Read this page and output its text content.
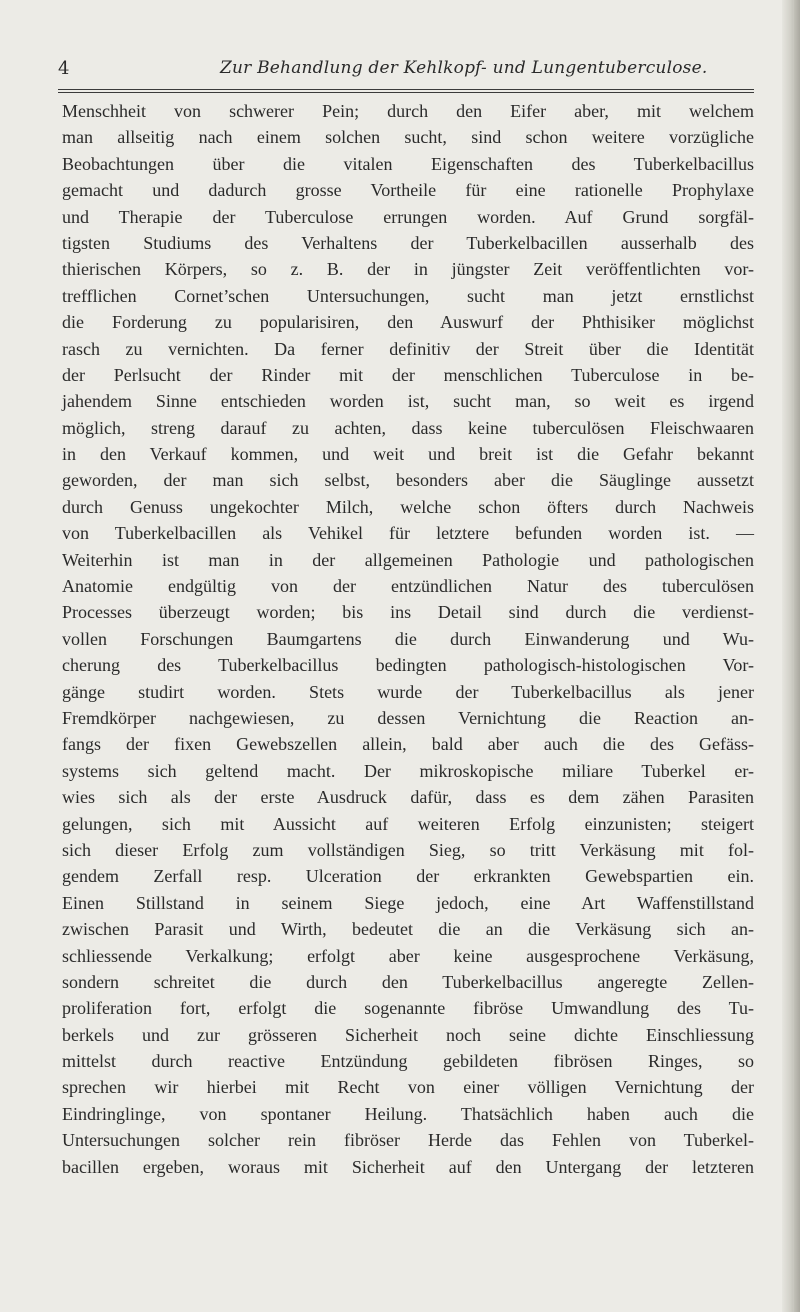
4	Zur Behandlung der Kehlkopf- und Lungentuberculose.
Menschheit von schwerer Pein; durch den Eifer aber, mit welchem
man allseitig nach einem solchen sucht, sind schon weitere vorzügliche
Beobachtungen über die vitalen Eigenschaften des Tuberkelbacillus
gemacht und dadurch grosse Vortheile für eine rationelle Prophylaxe
und Therapie der Tuberculose errungen worden. Auf Grund sorgfäl-
tigsten Studiums des Verhaltens der Tuberkelbacillen ausserhalb des
thierischen Körpers, so z. B. der in jüngster Zeit veröffentlichten vor-
trefflichen Cornet’schen Untersuchungen, sucht man jetzt ernstlichst
die Forderung zu popularisiren, den Auswurf der Phthisiker möglichst
rasch zu vernichten. Da ferner definitiv der Streit über die Identität
der Perlsucht der Rinder mit der menschlichen Tuberculose in be-
jahendem Sinne entschieden worden ist, sucht man, so weit es irgend
möglich, streng darauf zu achten, dass keine tuberculösen Fleischwaaren
in den Verkauf kommen, und weit und breit ist die Gefahr bekannt
geworden, der man sich selbst, besonders aber die Säuglinge aussetzt
durch Genuss ungekochter Milch, welche schon öfters durch Nachweis
von Tuberkelbacillen als Vehikel für letztere befunden worden ist. —
Weiterhin ist man in der allgemeinen Pathologie und pathologischen
Anatomie endgültig von der entzündlichen Natur des tuberculösen
Processes überzeugt worden; bis ins Detail sind durch die verdienst-
vollen Forschungen Baumgartens die durch Einwanderung und Wu-
cherung des Tuberkelbacillus bedingten pathologisch-histologischen Vor-
gänge studirt worden. Stets wurde der Tuberkelbacillus als jener
Fremdkörper nachgewiesen, zu dessen Vernichtung die Reaction an-
fangs der fixen Gewebszellen allein, bald aber auch die des Gefäss-
systems sich geltend macht. Der mikroskopische miliare Tuberkel er-
wies sich als der erste Ausdruck dafür, dass es dem zähen Parasiten
gelungen, sich mit Aussicht auf weiteren Erfolg einzunisten; steigert
sich dieser Erfolg zum vollständigen Sieg, so tritt Verkäsung mit fol-
gendem Zerfall resp. Ulceration der erkrankten Gewebspartien ein.
Einen Stillstand in seinem Siege jedoch, eine Art Waffenstillstand
zwischen Parasit und Wirth, bedeutet die an die Verkäsung sich an-
schliessende Verkalkung; erfolgt aber keine ausgesprochene Verkäsung,
sondern schreitet die durch den Tuberkelbacillus angeregte Zellen-
proliferation fort, erfolgt die sogenannte fibröse Umwandlung des Tu-
berkels und zur grösseren Sicherheit noch seine dichte Einschliessung
mittelst durch reactive Entzündung gebildeten fibrösen Ringes, so
sprechen wir hierbei mit Recht von einer völligen Vernichtung der
Eindringlinge, von spontaner Heilung. Thatsächlich haben auch die
Untersuchungen solcher rein fibröser Herde das Fehlen von Tuberkel-
bacillen ergeben, woraus mit Sicherheit auf den Untergang der letzteren
